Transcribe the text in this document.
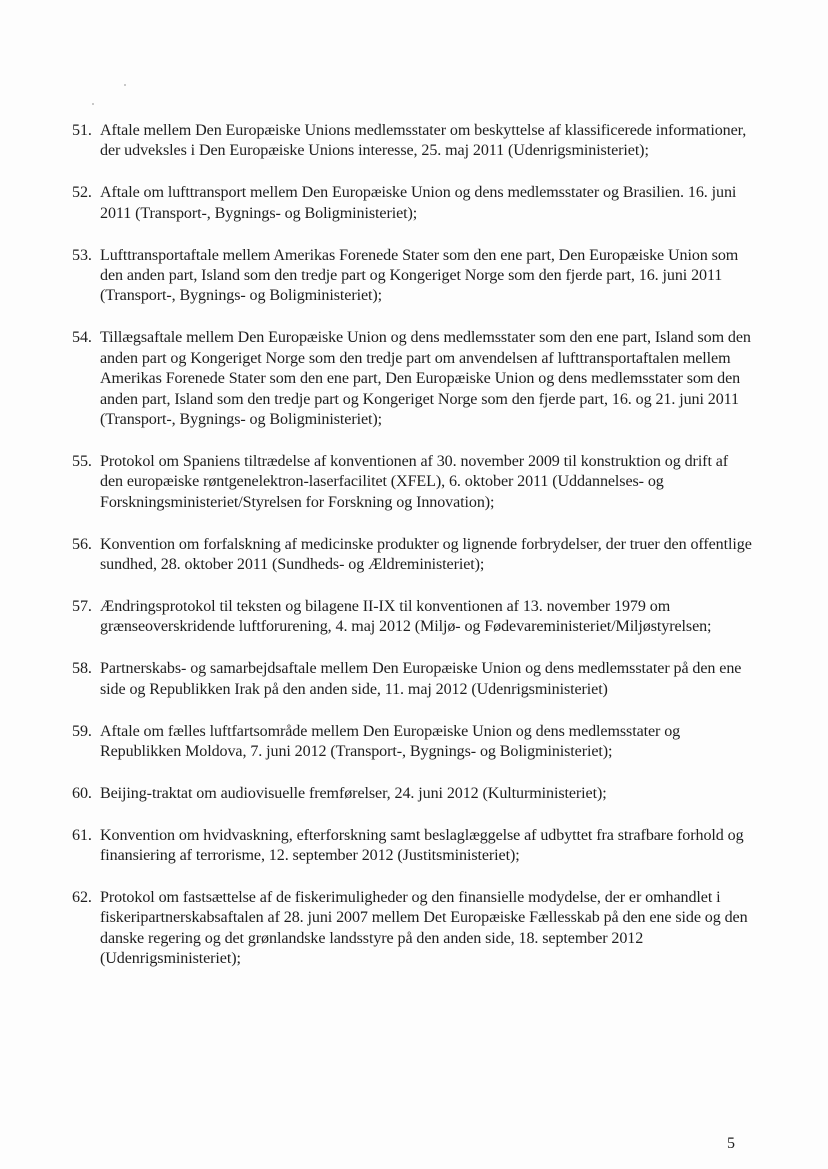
51. Aftale mellem Den Europæiske Unions medlemsstater om beskyttelse af klassificerede informationer, der udveksles i Den Europæiske Unions interesse, 25. maj 2011 (Udenrigsministeriet);
52. Aftale om lufttransport mellem Den Europæiske Union og dens medlemsstater og Brasilien. 16. juni 2011 (Transport-, Bygnings- og Boligministeriet);
53. Lufttransportaftale mellem Amerikas Forenede Stater som den ene part, Den Europæiske Union som den anden part, Island som den tredje part og Kongeriget Norge som den fjerde part, 16. juni 2011 (Transport-, Bygnings- og Boligministeriet);
54. Tillægsaftale mellem Den Europæiske Union og dens medlemsstater som den ene part, Island som den anden part og Kongeriget Norge som den tredje part om anvendelsen af lufttransportaftalen mellem Amerikas Forenede Stater som den ene part, Den Europæiske Union og dens medlemsstater som den anden part, Island som den tredje part og Kongeriget Norge som den fjerde part, 16. og 21. juni 2011 (Transport-, Bygnings- og Boligministeriet);
55. Protokol om Spaniens tiltrædelse af konventionen af 30. november 2009 til konstruktion og drift af den europæiske røntgenelektron-laserfacilitet (XFEL), 6. oktober 2011 (Uddannelses- og Forskningsministeriet/Styrelsen for Forskning og Innovation);
56. Konvention om forfalskning af medicinske produkter og lignende forbrydelser, der truer den offentlige sundhed, 28. oktober 2011 (Sundheds- og Ældreministeriet);
57. Ændringsprotokol til teksten og bilagene II-IX til konventionen af 13. november 1979 om grænseoverskridende luftforurening, 4. maj 2012 (Miljø- og Fødevareministeriet/Miljøstyrelsen;
58. Partnerskabs- og samarbejdsaftale mellem Den Europæiske Union og dens medlemsstater på den ene side og Republikken Irak på den anden side, 11. maj 2012 (Udenrigsministeriet)
59. Aftale om fælles luftfartsområde mellem Den Europæiske Union og dens medlemsstater og Republikken Moldova, 7. juni 2012 (Transport-, Bygnings- og Boligministeriet);
60. Beijing-traktat om audiovisuelle fremførelser, 24. juni 2012 (Kulturministeriet);
61. Konvention om hvidvaskning, efterforskning samt beslaglæggelse af udbyttet fra strafbare forhold og finansiering af terrorisme, 12. september 2012 (Justitsministeriet);
62. Protokol om fastsættelse af de fiskerimuligheder og den finansielle modydelse, der er omhandlet i fiskeripartnerskabsaftalen af 28. juni 2007 mellem Det Europæiske Fællesskab på den ene side og den danske regering og det grønlandske landsstyre på den anden side, 18. september 2012 (Udenrigsministeriet);
5
